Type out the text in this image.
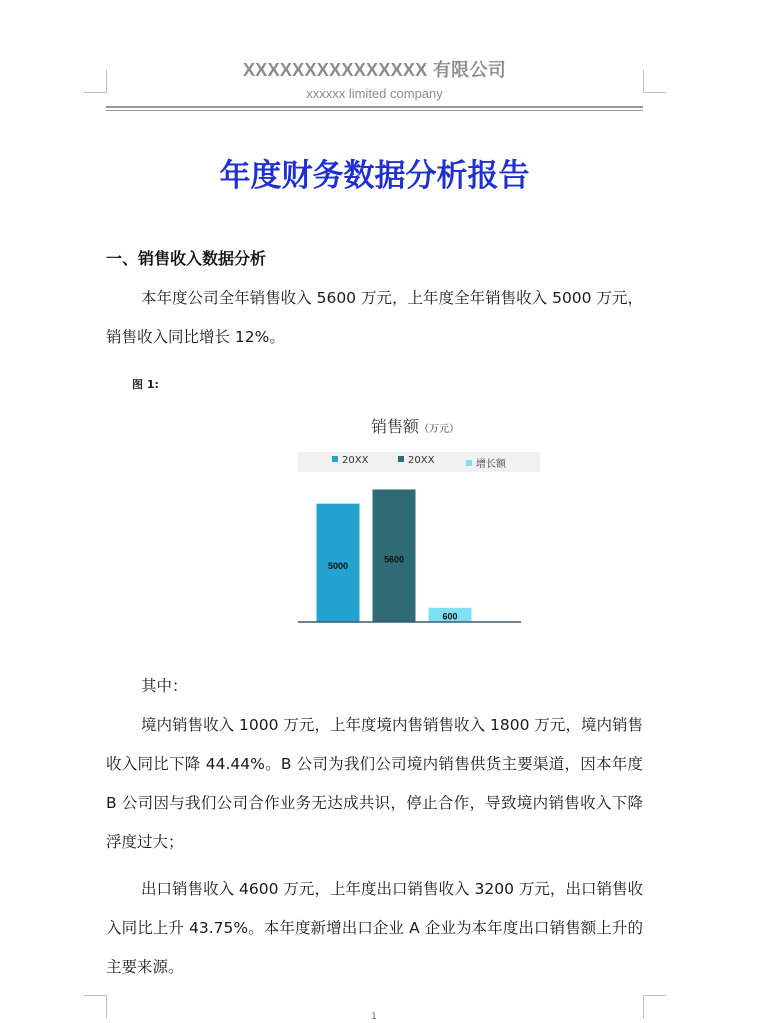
XXXXXXXXXXXXXXX 有限公司
xxxxxx limited company
年度财务数据分析报告
一、销售收入数据分析
本年度公司全年销售收入 5600 万元，上年度全年销售收入 5000 万元，销售收入同比增长 12%。
图 1:
销售额（万元）
20XX	20XX	增长额
5000
5600
600
其中：
境内销售收入 1000 万元，上年度境内售销售收入 1800 万元，境内销售收入同比下降 44.44%。B 公司为我们公司境内销售供货主要渠道，因本年度 B 公司因与我们公司合作业务无达成共识，停止合作，导致境内销售收入下降浮度过大；
出口销售收入 4600 万元，上年度出口销售收入 3200 万元，出口销售收入同比上升 43.75%。本年度新增出口企业 A 企业为本年度出口销售额上升的主要来源。
1
